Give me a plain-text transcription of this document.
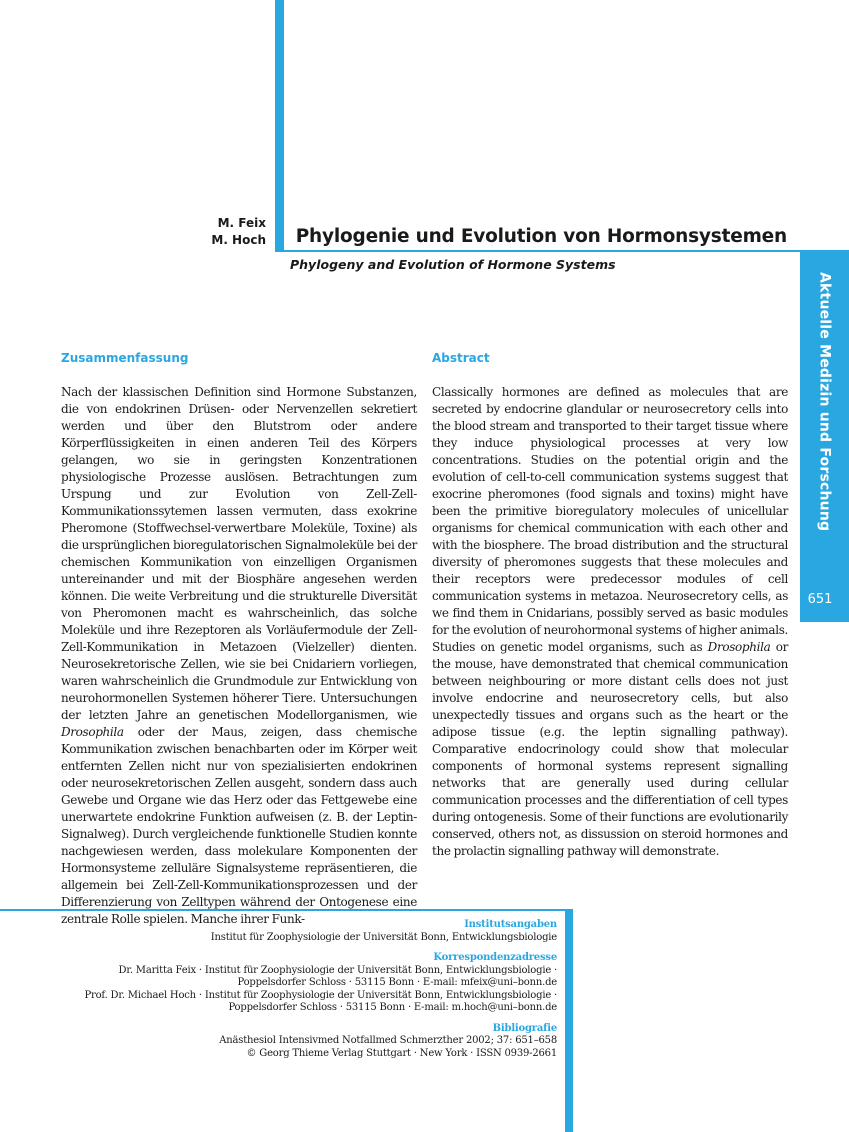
Aktuelle Medizin und Forschung
651
M. Feix
M. Hoch Phylogenie und Evolution von Hormonsystemen
Phylogeny and Evolution of Hormone Systems
Zusammenfassung	Abstract

Nach der klassischen Definition sind Hormone Substanzen, die von endokrinen Drüsen- oder Nervenzellen sekretiert werden und über den Blutstrom oder andere Körperflüssigkeiten in einen anderen Teil des Körpers gelangen, wo sie in geringsten Konzentrationen physiologische Prozesse auslösen. Betrachtungen zum Urspung und zur Evolution von Zell-Zell-Kommunikationssytemen lassen vermuten, dass exokrine Pheromone (Stoffwechsel-verwertbare Moleküle, Toxine) als die ursprünglichen bioregulatorischen Signalmoleküle bei der chemischen Kommunikation von einzelligen Organismen untereinander und mit der Biosphäre angesehen werden können. Die weite Verbreitung und die strukturelle Diversität von Pheromonen macht es wahrscheinlich, das solche Moleküle und ihre Rezeptoren als Vorläufermodule der Zell-Zell-Kommunikation in Metazoen (Vielzeller) dienten. Neurosekretorische Zellen, wie sie bei Cnidariern vorliegen, waren wahrscheinlich die Grundmodule zur Entwicklung von neurohormonellen Systemen höherer Tiere. Untersuchungen der letzten Jahre an genetischen Modellorganismen, wie Drosophila oder der Maus, zeigen, dass chemische Kommunikation zwischen benachbarten oder im Körper weit entfernten Zellen nicht nur von spezialisierten endokrinen oder neurosekretorischen Zellen ausgeht, sondern dass auch Gewebe und Organe wie das Herz oder das Fettgewebe eine unerwartete endokrine Funktion aufweisen (z. B. der Leptin-Signalweg). Durch vergleichende funktionelle Studien konnte nachgewiesen werden, dass molekulare Komponenten der Hormonsysteme zelluläre Signalsysteme repräsentieren, die allgemein bei Zell-Zell-Kommunikationsprozessen und der Differenzierung von Zelltypen während der Ontogenese eine zentrale Rolle spielen. Manche ihrer Funk-

Classically hormones are defined as molecules that are secreted by endocrine glandular or neurosecretory cells into the blood stream and transported to their target tissue where they induce physiological processes at very low concentrations. Studies on the potential origin and the evolution of cell-to-cell communication systems suggest that exocrine pheromones (food signals and toxins) might have been the primitive bioregulatory molecules of unicellular organisms for chemical communication with each other and with the biosphere. The broad distribution and the structural diversity of pheromones suggests that these molecules and their receptors were predecessor modules of cell communication systems in metazoa. Neurosecretory cells, as we find them in Cnidarians, possibly served as basic modules for the evolution of neurohormonal systems of higher animals. Studies on genetic model organisms, such as Drosophila or the mouse, have demonstrated that chemical communication between neighbouring or more distant cells does not just involve endocrine and neurosecretory cells, but also unexpectedly tissues and organs such as the heart or the adipose tissue (e.g. the leptin signalling pathway). Comparative endocrinology could show that molecular components of hormonal systems represent signalling networks that are generally used during cellular communication processes and the differentiation of cell types during ontogenesis. Some of their functions are evolutionarily conserved, others not, as dissussion on steroid hormones and the prolactin signalling pathway will demonstrate.

Institutsangaben
Institut für Zoophysiologie der Universität Bonn, Entwicklungsbiologie
Korrespondenzadresse
Dr. Maritta Feix · Institut für Zoophysiologie der Universität Bonn, Entwicklungsbiologie ·
Poppelsdorfer Schloss · 53115 Bonn · E-mail: mfeix@uni–bonn.de
Prof. Dr. Michael Hoch · Institut für Zoophysiologie der Universität Bonn, Entwicklungsbiologie ·
Poppelsdorfer Schloss · 53115 Bonn · E-mail: m.hoch@uni–bonn.de
Bibliografie
Anästhesiol Intensivmed Notfallmed Schmerzther 2002; 37: 651–658
© Georg Thieme Verlag Stuttgart · New York · ISSN 0939-2661
